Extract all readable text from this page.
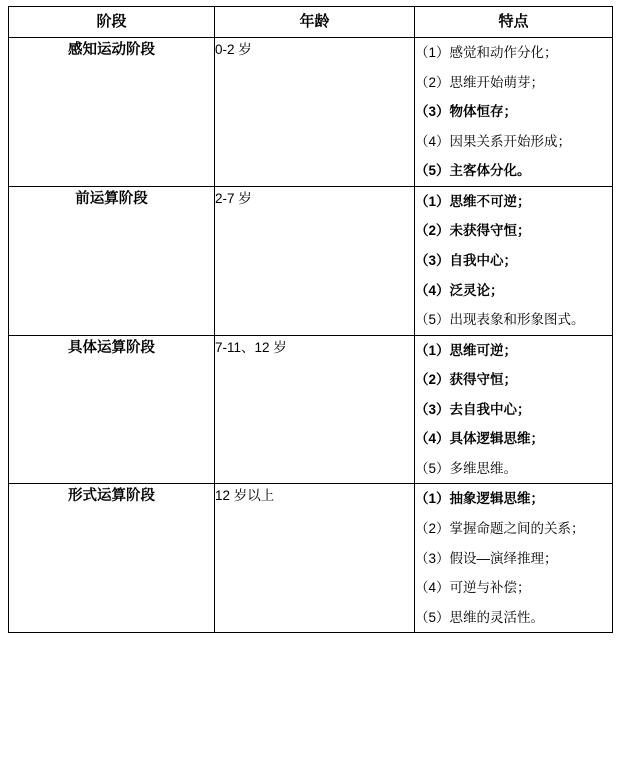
阶段	年龄	特点
感知运动阶段	0-2 岁	（1）感觉和动作分化；
（2）思维开始萌芽；
（3）物体恒存；
（4）因果关系开始形成；
（5）主客体分化。

前运算阶段	2-7 岁	（1）思维不可逆；
（2）未获得守恒；
（3）自我中心；
（4）泛灵论；
（5）出现表象和形象图式。

具体运算阶段	7-11、12 岁	（1）思维可逆；
（2）获得守恒；
（3）去自我中心；
（4）具体逻辑思维；
（5）多维思维。

形式运算阶段	12 岁以上	（1）抽象逻辑思维；
（2）掌握命题之间的关系；
（3）假设—演绎推理；
（4）可逆与补偿；
（5）思维的灵活性。
